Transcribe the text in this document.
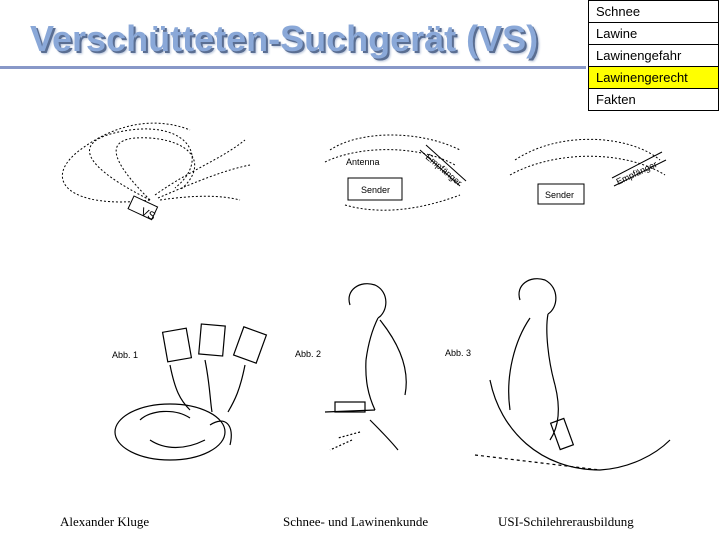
Verschütteten-Suchgerät (VS)
Schnee
Lawine
Lawinengefahr
Lawinengerecht
Fakten
VS
Antenna
Sender
Empfänger
Sender
Empfänger
Abb. 1	Abb. 2	Abb. 3
Alexander Kluge	Schnee- und Lawinenkunde	USI-Schilehrerausbildung
